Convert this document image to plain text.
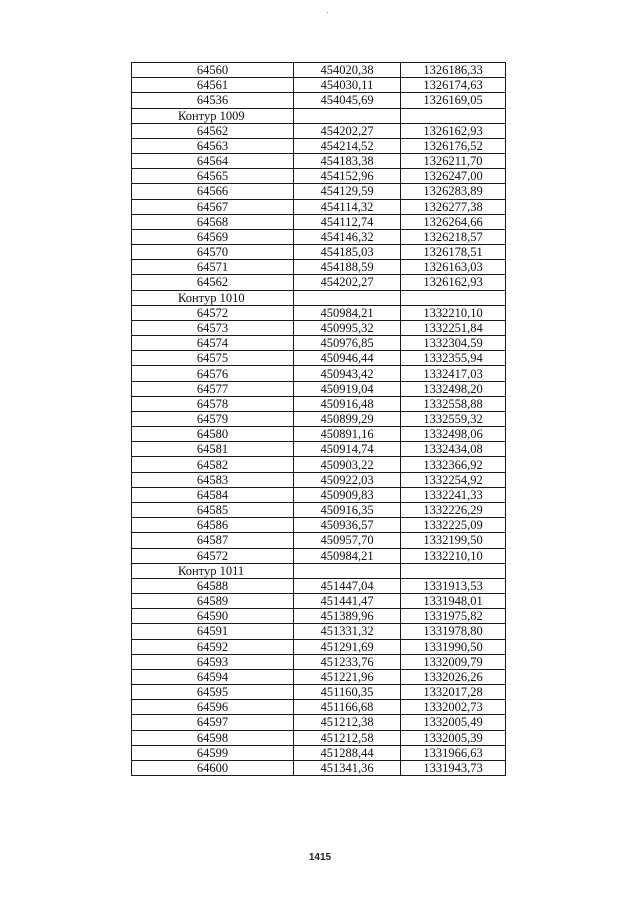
64560	454020,38	1326186,33
64561	454030,11	1326174,63
64536	454045,69	1326169,05
Контур 1009		
64562	454202,27	1326162,93
64563	454214,52	1326176,52
64564	454183,38	1326211,70
64565	454152,96	1326247,00
64566	454129,59	1326283,89
64567	454114,32	1326277,38
64568	454112,74	1326264,66
64569	454146,32	1326218,57
64570	454185,03	1326178,51
64571	454188,59	1326163,03
64562	454202,27	1326162,93
Контур 1010		
64572	450984,21	1332210,10
64573	450995,32	1332251,84
64574	450976,85	1332304,59
64575	450946,44	1332355,94
64576	450943,42	1332417,03
64577	450919,04	1332498,20
64578	450916,48	1332558,88
64579	450899,29	1332559,32
64580	450891,16	1332498,06
64581	450914,74	1332434,08
64582	450903,22	1332366,92
64583	450922,03	1332254,92
64584	450909,83	1332241,33
64585	450916,35	1332226,29
64586	450936,57	1332225,09
64587	450957,70	1332199,50
64572	450984,21	1332210,10
Контур 1011		
64588	451447,04	1331913,53
64589	451441,47	1331948,01
64590	451389,96	1331975,82
64591	451331,32	1331978,80
64592	451291,69	1331990,50
64593	451233,76	1332009,79
64594	451221,96	1332026,26
64595	451160,35	1332017,28
64596	451166,68	1332002,73
64597	451212,38	1332005,49
64598	451212,58	1332005,39
64599	451288,44	1331966,63
64600	451341,36	1331943,73
1415
